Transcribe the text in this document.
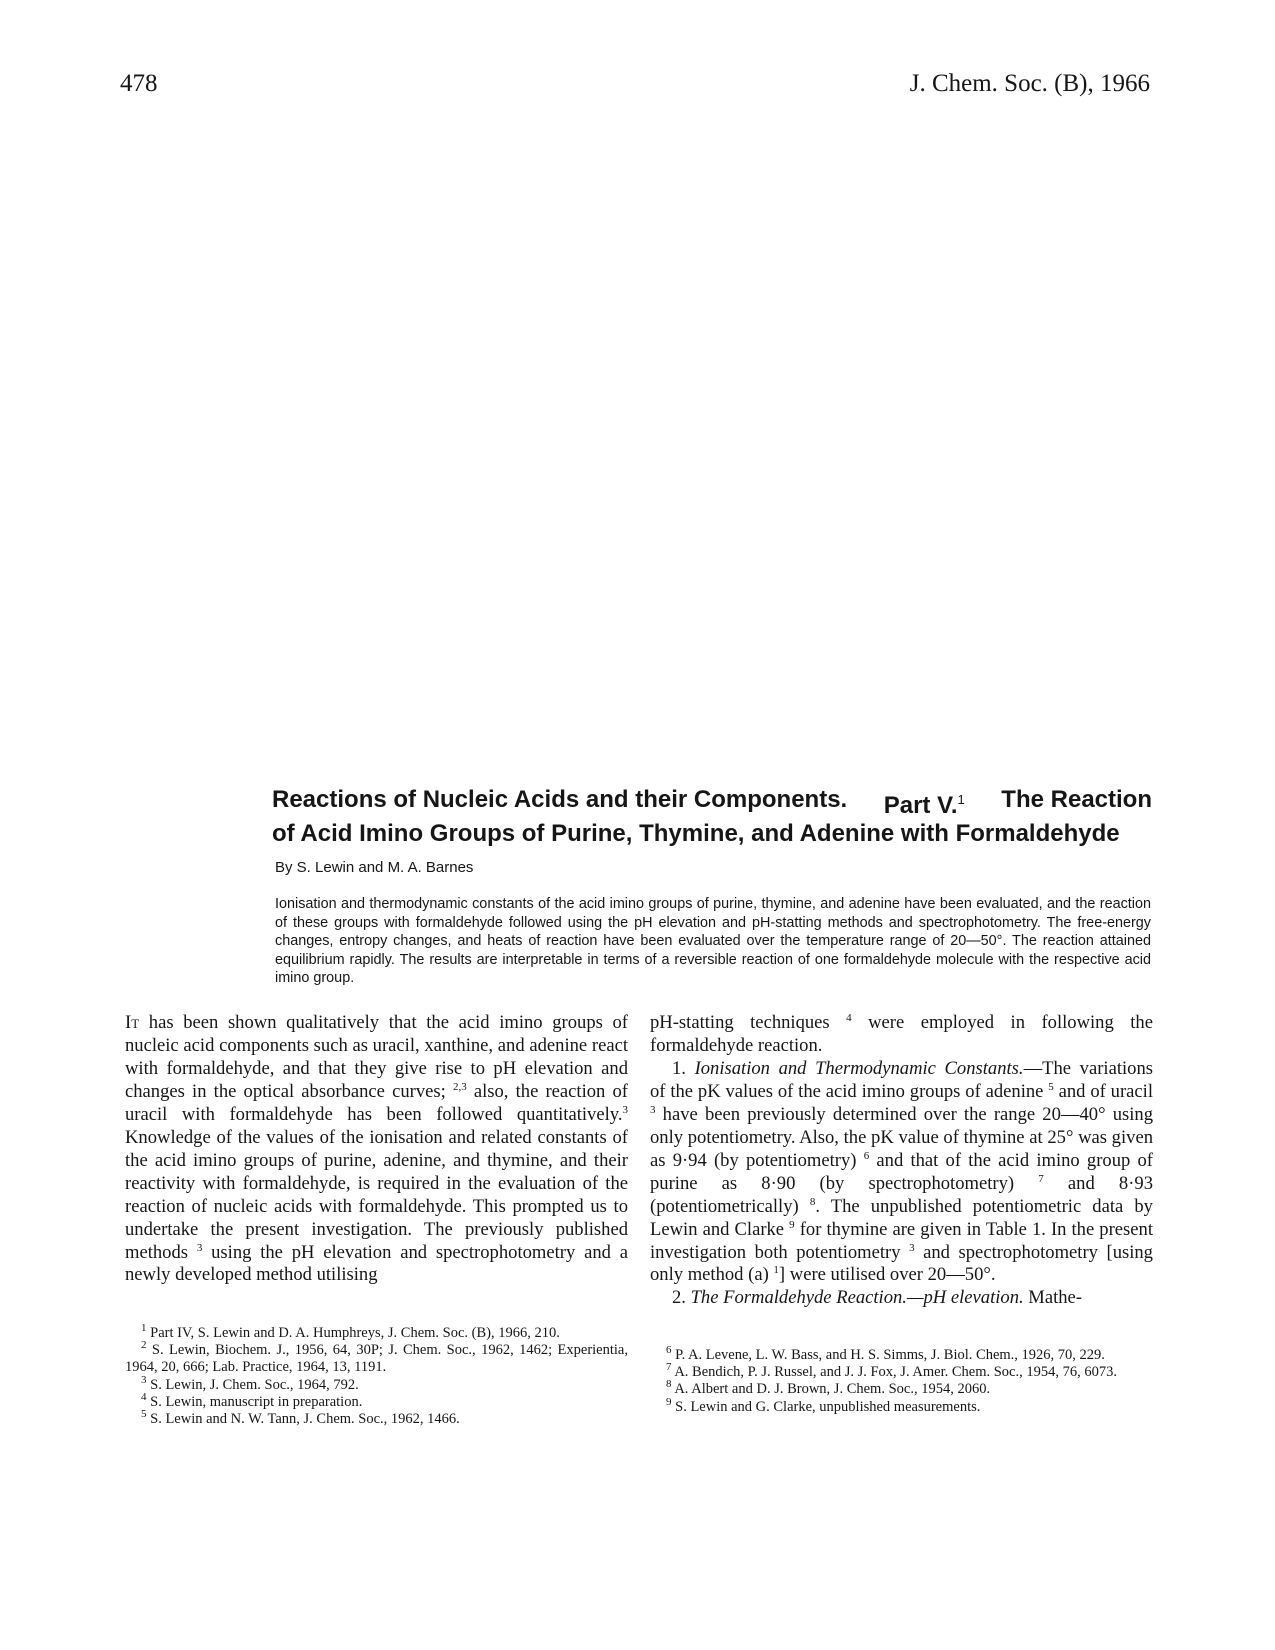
478	J. Chem. Soc. (B), 1966
Reactions of Nucleic Acids and their Components. Part V.$^1$ The Reaction
of Acid Imino Groups of Purine, Thymine, and Adenine with Formaldehyde
By S. Lewin and M. A. Barnes
Ionisation and thermodynamic constants of the acid imino groups of purine, thymine, and adenine have been evaluated, and the reaction of these groups with formaldehyde followed using the pH elevation and pH-statting methods and spectrophotometry. The free-energy changes, entropy changes, and heats of reaction have been evaluated over the temperature range of 20—50°. The reaction attained equilibrium rapidly. The results are interpretable in terms of a reversible reaction of one formaldehyde molecule with the respective acid imino group.

It has been shown qualitatively that the acid imino groups of nucleic acid components such as uracil, xanthine, and adenine react with formaldehyde, and that they give rise to pH elevation and changes in the optical absorbance curves; $^{2,3}$ also, the reaction of uracil with formaldehyde has been followed quantitatively.$^3$ Knowledge of the values of the ionisation and related constants of the acid imino groups of purine, adenine, and thymine, and their reactivity with formaldehyde, is required in the evaluation of the reaction of nucleic acids with formaldehyde. This prompted us to undertake the present investigation. The previously published methods $^3$ using the pH elevation and spectrophotometry and a newly developed method utilising

pH-statting techniques $^4$ were employed in following the formaldehyde reaction.

1. Ionisation and Thermodynamic Constants.—The variations of the pK values of the acid imino groups of adenine $^5$ and of uracil $^3$ have been previously determined over the range 20—40° using only potentiometry. Also, the pK value of thymine at 25° was given as 9·94 (by potentiometry) $^6$ and that of the acid imino group of purine as 8·90 (by spectrophotometry) $^7$ and 8·93 (potentiometrically) $^8$. The unpublished potentiometric data by Lewin and Clarke $^9$ for thymine are given in Table 1. In the present investigation both potentiometry $^3$ and spectrophotometry [using only method (a) $^1$] were utilised over 20—50°.

2. The Formaldehyde Reaction.—pH elevation. Mathe-

$^1$ Part IV, S. Lewin and D. A. Humphreys, J. Chem. Soc. (B), 1966, 210.

$^2$ S. Lewin, Biochem. J., 1956, 64, 30P; J. Chem. Soc., 1962, 1462; Experientia, 1964, 20, 666; Lab. Practice, 1964, 13, 1191.

$^3$ S. Lewin, J. Chem. Soc., 1964, 792.

$^4$ S. Lewin, manuscript in preparation.

$^5$ S. Lewin and N. W. Tann, J. Chem. Soc., 1962, 1466.

$^6$ P. A. Levene, L. W. Bass, and H. S. Simms, J. Biol. Chem., 1926, 70, 229.

$^7$ A. Bendich, P. J. Russel, and J. J. Fox, J. Amer. Chem. Soc., 1954, 76, 6073.

$^8$ A. Albert and D. J. Brown, J. Chem. Soc., 1954, 2060.

$^9$ S. Lewin and G. Clarke, unpublished measurements.
